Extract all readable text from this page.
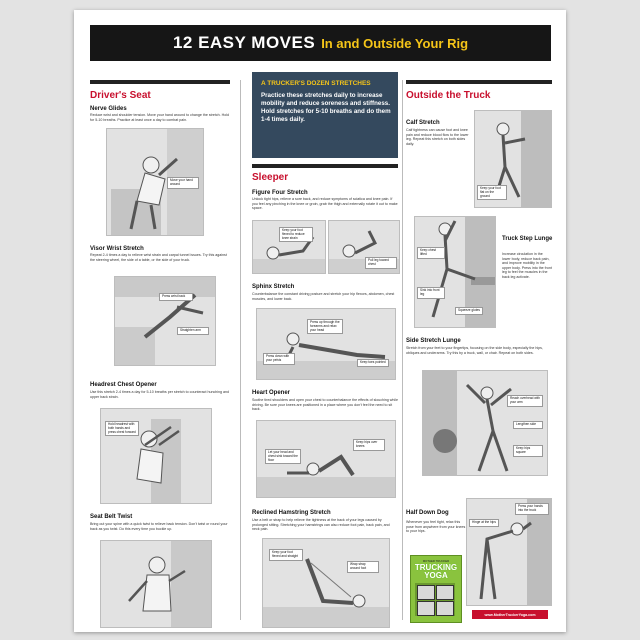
12 EASY MOVES In and Outside Your Rig
A TRUCKER'S DOZEN STRETCHES
Practice these stretches daily to increase mobility and reduce soreness and stiffness. Hold stretches for 5-10 breaths and do them 1-4 times daily.
Driver's Seat
Nerve Glides
Reduce wrist and shoulder tension. Move your hand around to change the stretch. Hold for 5-10 breaths. Practice at least once a day to combat pain.
Move your hand around
Visor Wrist Stretch
Repeat 2-4 times a day to relieve wrist strain and carpal tunnel issues. Try this against the steering wheel, the side of a table, or the side of your truck.
Press wrist back
Straighten arm
Headrest Chest Opener
Use this stretch 2-4 times a day for 5-10 breaths per stretch to counteract hunching and upper back strain.
Hold headrest with both hands and press chest forward
Seat Belt Twist
Bring out your spine with a quick twist to relieve back tension. Don't twist or round your back as you twist. Do this every time you buckle up.
Sleeper
Figure Four Stretch
Unlock tight hips, relieve a sore back, and reduce symptoms of sciatica and knee pain. If you feel any pinching in the knee or groin, grab the thigh and externally rotate it out to make space.
Keep your foot flexed to reduce knee strain
Pull leg toward chest
Sphinx Stretch
Counterbalance the constant driving posture and stretch your hip flexors, abdomen, chest muscles, and lower back.
Press up through the forearms and relax your head
Press down with your pelvis
Keep toes pointed
Heart Opener
Soothe tired shoulders and open your chest to counterbalance the effects of slouching while driving. Be sure your knees are positioned in a place where you don't feel the need to sit back.
Let your head and chest sink toward the floor
Keep hips over knees
Reclined Hamstring Stretch
Use a belt or strap to help relieve the tightness at the back of your legs caused by prolonged sitting. Stretching your hamstrings can also reduce foot pain, back pain, and neck pain.
Keep your foot flexed and straight
Wrap strap around foot
Outside the Truck
Calf Stretch
Calf tightness can cause foot and knee pain and reduce blood flow to the lower leg. Repeat this stretch on both sides daily.
Keep your foot flat on the ground
Keep chest lifted
Sink into front leg
Squeeze glutes
Truck Step Lunge
Increase circulation in the lower body, reduce back pain, and improve mobility in the upper body. Press into the front leg to feel the muscles in the back leg activate.
Side Stretch Lunge
Stretch from your feet to your fingertips, focusing on the side body, especially the hips, obliques and underarms. Try this by a truck, wall, or chair. Repeat on both sides.
Reach overhead with your arm
Lengthen side
Keep hips square
Half Down Dog
Whenever you feel tight, relax this pose from anywhere from your knees to your hips.
Press your hands into the truck
Hinge at the hips
MOTHER TRUCKER
TRUCKING YOGA
www.MotherTruckerYoga.com
